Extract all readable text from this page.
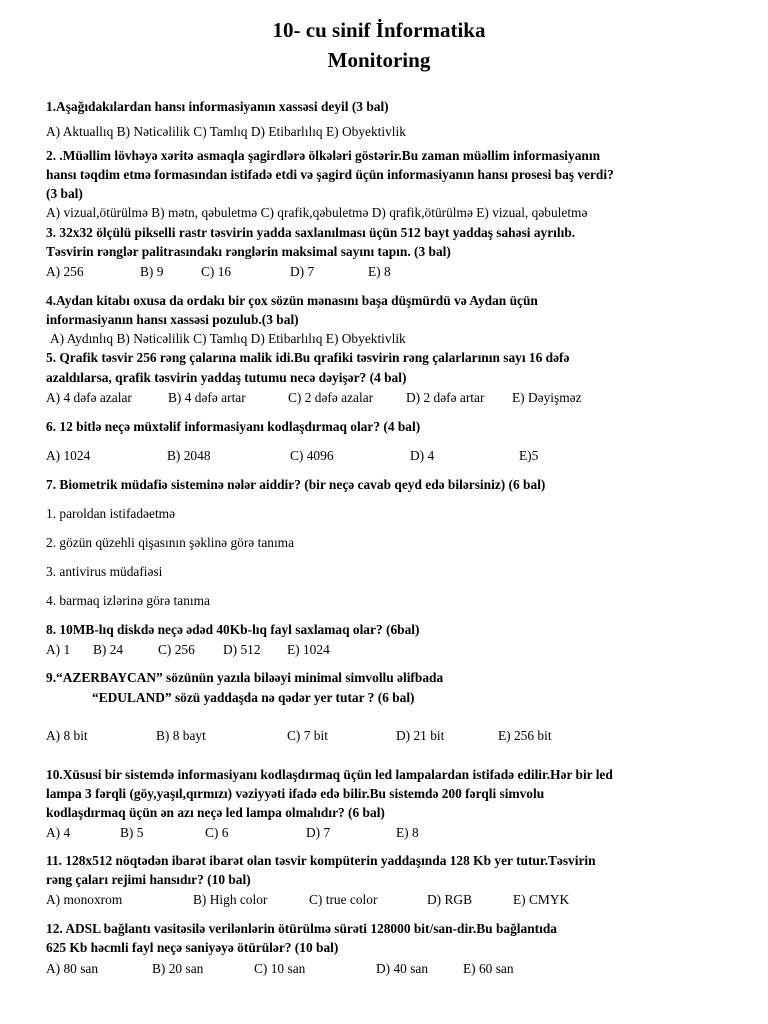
10- cu sinif İnformatika
Monitoring
1.Aşağıdakılardan hansı informasiyanın xassəsi deyil (3 bal)
A) Aktuallıq B) Nəticəlilik C) Tamlıq D) Etibarlılıq E) Obyektivlik
2. .Müəllim lövhəyə xəritə asmaqla şagirdlərə ölkələri göstərir.Bu zaman müəllim informasiyanın
hansı təqdim etmə formasından istifadə etdi və şagird üçün informasiyanın hansı prosesi baş verdi?
(3 bal)
A) vizual,ötürülmə B) mətn, qəbuletmə C) qrafik,qəbuletmə D) qrafik,ötürülmə E) vizual, qəbuletmə
3. 32x32 ölçülü pikselli rastr təsvirin yadda saxlanılması üçün 512 bayt yaddaş sahəsi ayrılıb.
Təsvirin rənglər palitrasındakı rənglərin maksimal sayını tapın. (3 bal)
A) 256	B) 9	C) 16	D) 7	E) 8
4.Aydan kitabı oxusa da ordakı bir çox sözün mənasını başa düşmürdü və Aydan üçün
informasiyanın hansı xassəsi pozulub.(3 bal)
A) Aydınlıq B) Nəticəlilik C) Tamlıq D) Etibarlılıq E) Obyektivlik
5. Qrafik təsvir 256 rəng çalarına malik idi.Bu qrafiki təsvirin rəng çalarlarının sayı 16 dəfə
azaldılarsa, qrafik təsvirin yaddaş tutumu necə dəyişər? (4 bal)
A) 4 dəfə azalar	B) 4 dəfə artar	C) 2 dəfə azalar D) 2 dəfə artar E) Dəyişməz
6. 12 bitlə neçə müxtəlif informasiyanı kodlaşdırmaq olar? (4 bal)
A) 1024	B) 2048	C) 4096	D) 4	E)5
7. Biometrik müdafiə sisteminə nələr aiddir? (bir neçə cavab qeyd edə bilərsiniz) (6 bal)
1. paroldan istifadəetmə
2. gözün qüzehli qişasının şəklinə görə tanıma
3. antivirus müdafiəsi
4. barmaq izlərinə görə tanıma
8. 10MB-lıq diskdə neçə ədəd 40Kb-lıq fayl saxlamaq olar? (6bal)
A) 1 B) 24	C) 256 D) 512 E) 1024
9.“AZERBAYCAN” sözünün yazıla biləəyi minimal simvollu əlifbada
“EDULAND” sözü yaddaşda nə qədər yer tutar ? (6 bal)
A) 8 bit	B) 8 bayt	C) 7 bit	D) 21 bit	E) 256 bit
10.Xüsusi bir sistemdə informasiyanı kodlaşdırmaq üçün led lampalardan istifadə edilir.Hər bir led
lampa 3 fərqli (göy,yaşıl,qırmızı) vəziyyəti ifadə edə bilir.Bu sistemdə 200 fərqli simvolu
kodlaşdırmaq üçün ən azı neçə led lampa olmalıdır? (6 bal)
A) 4	B) 5	C) 6	D) 7	E) 8
11. 128x512 nöqtədən ibarət ibarət olan təsvir kompüterin yaddaşında 128 Kb yer tutur.Təsvirin
rəng çaları rejimi hansıdır? (10 bal)
A) monoxrom	B) High color	C) true color	D) RGB	E) CMYK
12. ADSL bağlantı vasitəsilə verilənlərin ötürülmə sürəti 128000 bit/san-dir.Bu bağlantıda
625 Kb həcmli fayl neçə saniyəyə ötürülər? (10 bal)
A) 80 san	B) 20 san	C) 10 san	D) 40 san	E) 60 san
